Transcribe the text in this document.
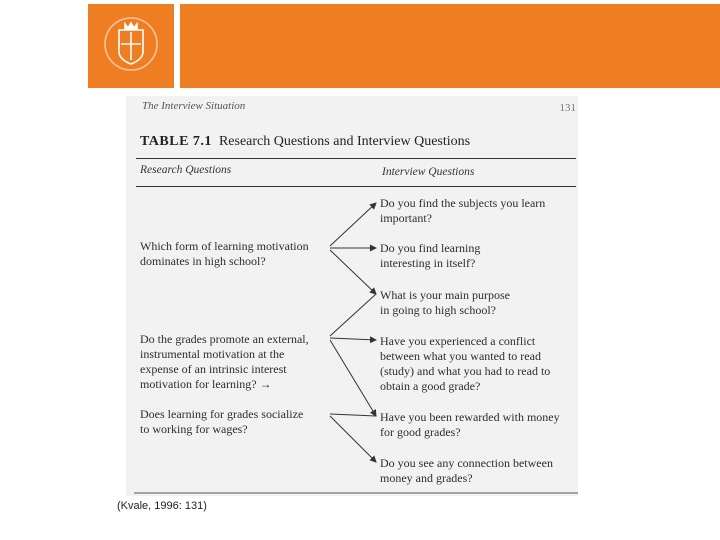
The Interview Situation	131
TABLE 7.1 Research Questions and Interview Questions
Research Questions	Interview Questions
Which form of learning motivation
dominates in high school?
Do the grades promote an external,
instrumental motivation at the
expense of an intrinsic interest
motivation for learning? →
Does learning for grades socialize
to working for wages?
Do you find the subjects you learn
important?
Do you find learning
interesting in itself?
What is your main purpose
in going to high school?
Have you experienced a conflict
between what you wanted to read
(study) and what you had to read to
obtain a good grade?
Have you been rewarded with money
for good grades?
Do you see any connection between
money and grades?
(Kvale, 1996: 131)
